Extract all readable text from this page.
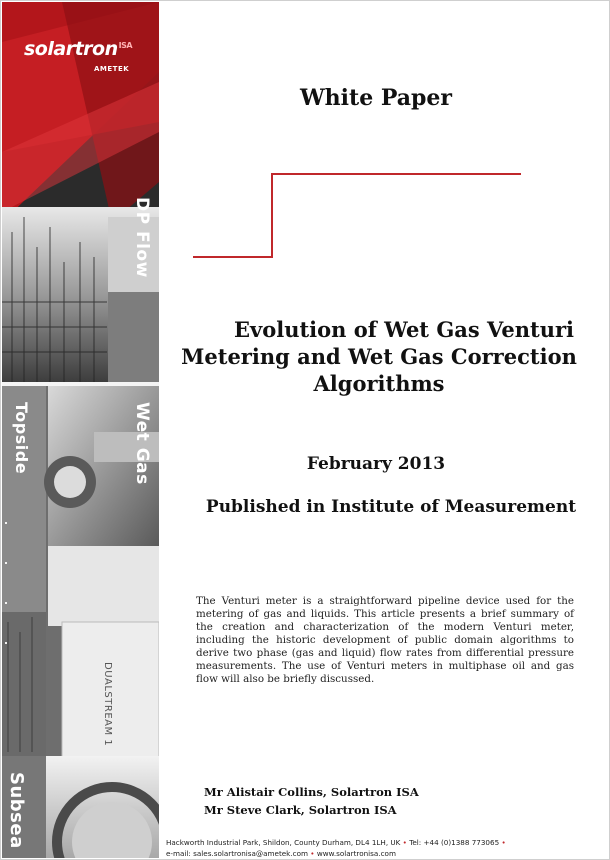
solartron$^{ISA}$
AMETEK
DP Flow
Topside	Wet Gas
Subsea
DUALSTREAM 1
White Paper
Evolution of Wet Gas Venturi
Metering and Wet Gas Correction
Algorithms
February 2013
Published in Institute of Measurement
The Venturi meter is a straightforward pipeline device used for the metering of gas and liquids. This article presents a brief summary of the creation and characterization of the modern Venturi meter, including the historic development of public domain algorithms to derive two phase (gas and liquid) flow rates from differential pressure measurements. The use of Venturi meters in multiphase oil and gas flow will also be briefly discussed.
Mr Alistair Collins, Solartron ISA
Mr Steve Clark, Solartron ISA
Hackworth Industrial Park, Shildon, County Durham, DL4 1LH, UK • Tel: +44 (0)1388 773065 •
e-mail: sales.solartronisa@ametek.com • www.solartronisa.com
